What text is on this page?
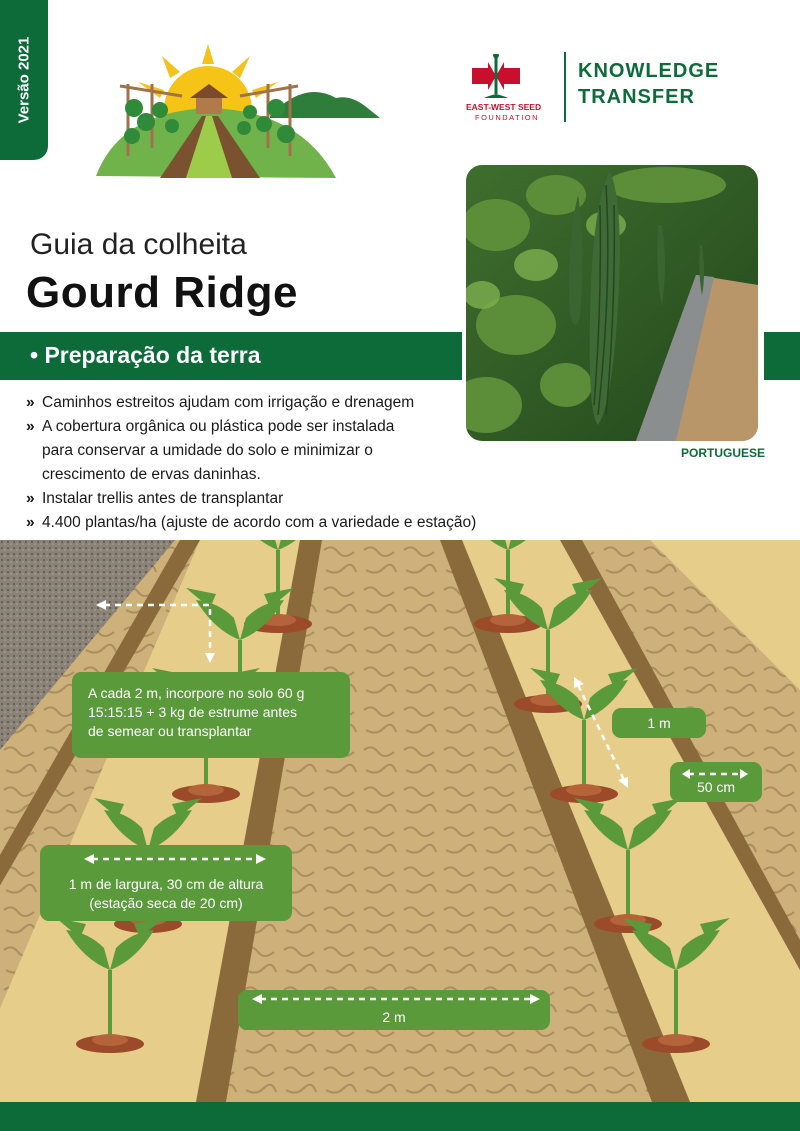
Versão 2021	EAST-WEST SEED
FOUNDATION
KNOWLEDGE
TRANSFER
Guia da colheita
Gourd Ridge
PORTUGUESE
• Preparação da terra
» Caminhos estreitos ajudam com irrigação e drenagem
» A cobertura orgânica ou plástica pode ser instalada
para conservar a umidade do solo e minimizar o
crescimento de ervas daninhas.
» Instalar trellis antes de transplantar
» 4.400 plantas/ha (ajuste de acordo com a variedade e estação)
A cada 2 m, incorpore no solo 60 g
15:15:15 + 3 kg de estrume antes
de semear ou transplantar
1 m de largura, 30 cm de altura
(estação seca de 20 cm)
1 m
50 cm
2 m
